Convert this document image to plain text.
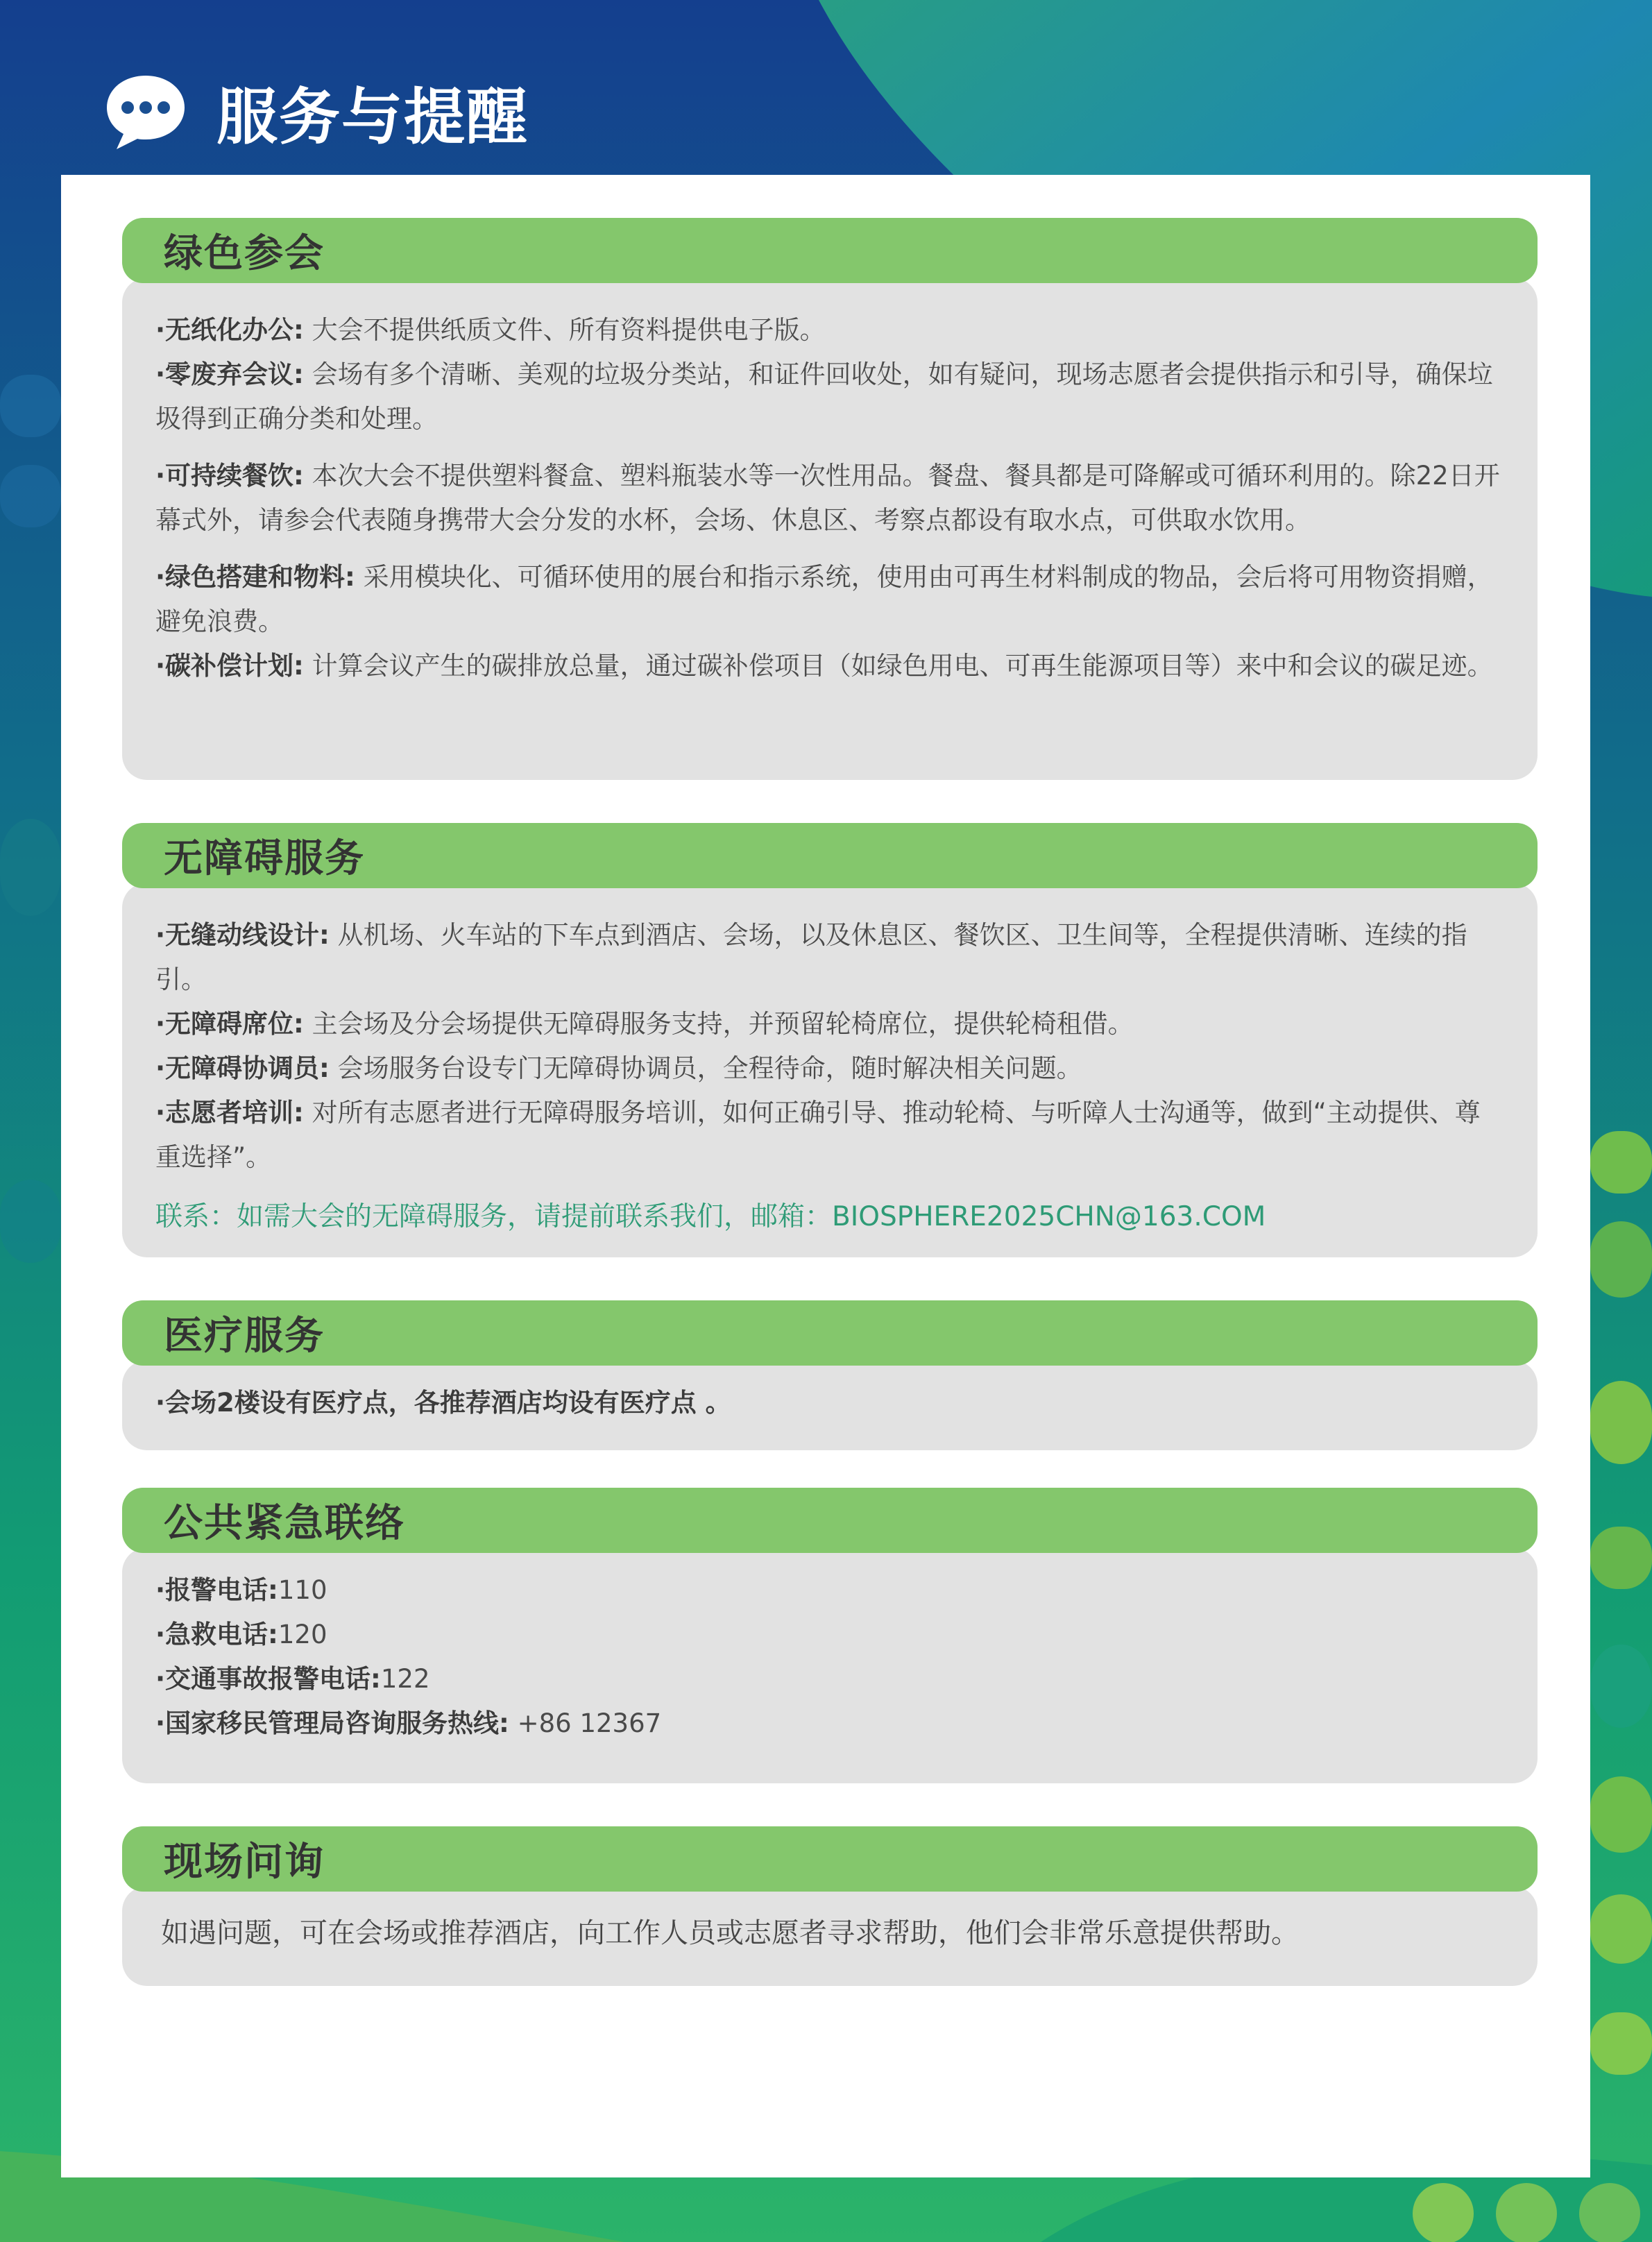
服务与提醒
绿色参会
·无纸化办公: 大会不提供纸质文件、所有资料提供电子版。
·零废弃会议: 会场有多个清晰、美观的垃圾分类站，和证件回收处，如有疑问，现场志愿者会提供指示和引导，确保垃圾得到正确分类和处理。
·可持续餐饮: 本次大会不提供塑料餐盒、塑料瓶装水等一次性用品。餐盘、餐具都是可降解或可循环利用的。除22日开幕式外，请参会代表随身携带大会分发的水杯，会场、休息区、考察点都设有取水点，可供取水饮用。
·绿色搭建和物料: 采用模块化、可循环使用的展台和指示系统，使用由可再生材料制成的物品，会后将可用物资捐赠，避免浪费。
·碳补偿计划: 计算会议产生的碳排放总量，通过碳补偿项目（如绿色用电、可再生能源项目等）来中和会议的碳足迹。
无障碍服务
·无缝动线设计: 从机场、火车站的下车点到酒店、会场，以及休息区、餐饮区、卫生间等，全程提供清晰、连续的指引。
·无障碍席位: 主会场及分会场提供无障碍服务支持，并预留轮椅席位，提供轮椅租借。
·无障碍协调员: 会场服务台设专门无障碍协调员，全程待命，随时解决相关问题。
·志愿者培训: 对所有志愿者进行无障碍服务培训，如何正确引导、推动轮椅、与听障人士沟通等，做到“主动提供、尊重选择”。
联系：如需大会的无障碍服务，请提前联系我们，邮箱：BIOSPHERE2025CHN@163.COM
医疗服务
·会场2楼设有医疗点，各推荐酒店均设有医疗点 。
公共紧急联络
·报警电话:110
·急救电话:120
·交通事故报警电话:122
·国家移民管理局咨询服务热线: +86 12367
现场问询
如遇问题，可在会场或推荐酒店，向工作人员或志愿者寻求帮助，他们会非常乐意提供帮助。
